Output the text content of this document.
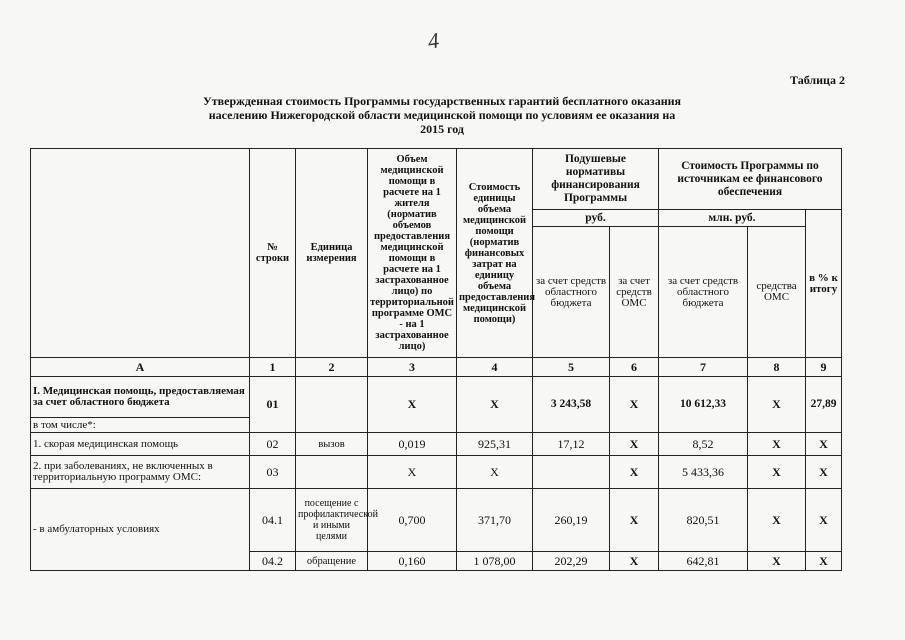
4
Таблица 2
Утвержденная стоимость Программы государственных гарантий бесплатного оказания населению Нижегородской области медицинской помощи по условиям ее оказания на 2015 год
	№ строки	Единица измерения	Объем медицинской помощи в расчете на 1 жителя (норматив объемов предоставления медицинской помощи в расчете на 1 застрахованное лицо) по территориальной программе ОМС - на 1 застрахованное лицо)	Стоимость единицы объема медицинской помощи (норматив финансовых затрат на единицу объема предоставления медицинской помощи)	Подушевые нормативы финансирования Программы		Стоимость Программы по источникам ее финансового обеспечения		
					руб.		млн. руб.		в % к итогу
					за счет средств областного бюджета	за счет средств ОМС	за счет средств областного бюджета	средства ОМС	
А	1	2	3	4	5	6	7	8	9
I. Медицинская помощь, предоставляемая за счет областного бюджета	01		Х	Х	3 243,58	Х	10 612,33	Х	27,89
в том числе*:									
1. скорая медицинская помощь	02	вызов	0,019	925,31	17,12	Х	8,52	Х	Х
2. при заболеваниях, не включенных в территориальную программу ОМС:	03		Х	Х		Х	5 433,36	Х	Х
- в амбулаторных условиях	04.1	посещение с профилактической и иными целями	0,700	371,70	260,19	Х	820,51	Х	Х
	04.2	обращение	0,160	1 078,00	202,29	Х	642,81	Х	Х
